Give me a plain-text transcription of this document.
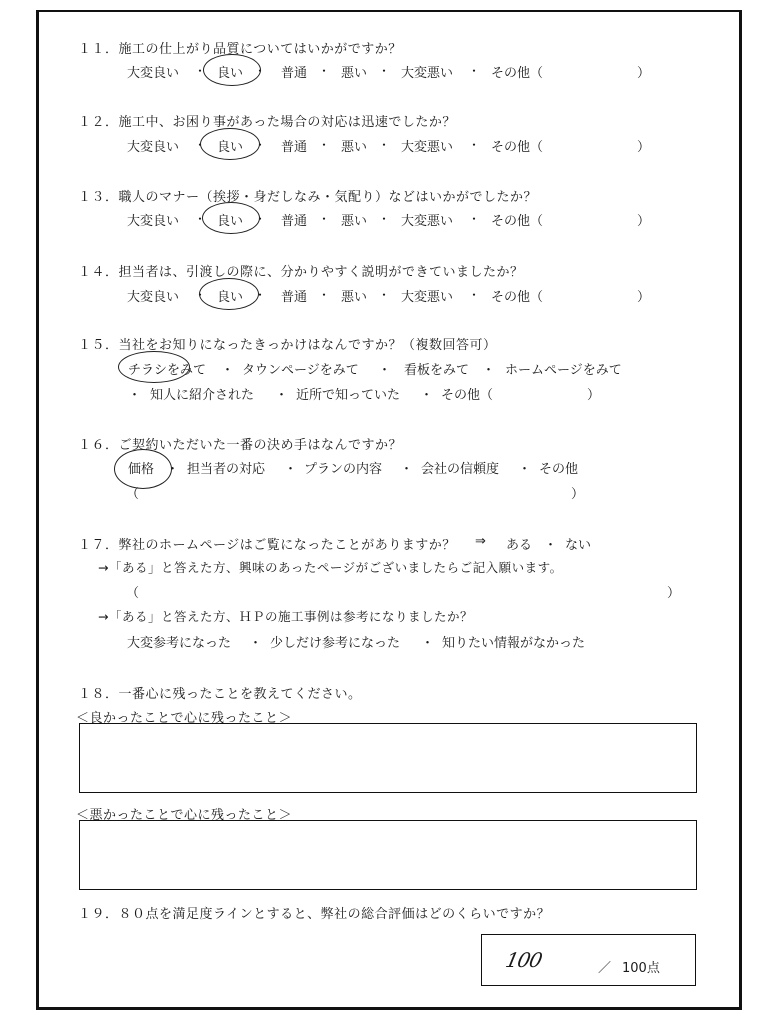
１１．施工の仕上がり品質についてはいかがですか？
大変良い ・ 良い ・ 普通 ・ 悪い ・ 大変悪い ・ その他（	）
１２．施工中、お困り事があった場合の対応は迅速でしたか？
大変良い ・ 良い ・ 普通 ・ 悪い ・ 大変悪い ・ その他（	）
１３．職人のマナー（挨拶・身だしなみ・気配り）などはいかがでしたか？
大変良い ・ 良い ・ 普通 ・ 悪い ・ 大変悪い ・ その他（	）
１４．担当者は、引渡しの際に、分かりやすく説明ができていましたか？
大変良い ・ 良い ・ 普通 ・ 悪い ・ 大変悪い ・ その他（	）
１５．当社をお知りになったきっかけはなんですか？（複数回答可）
チラシをみて ・ タウンページをみて ・ 看板をみて ・ ホームページをみて
・ 知人に紹介された ・ 近所で知っていた ・ その他（	）
１６．ご契約いただいた一番の決め手はなんですか？
価格 ・ 担当者の対応 ・ プランの内容 ・ 会社の信頼度 ・ その他
（	）
１７．弊社のホームページはご覧になったことがありますか？ ⇒ ある ・ ない
→「ある」と答えた方、興味のあったページがございましたらご記入願います。
（	）
→「ある」と答えた方、ＨＰの施工事例は参考になりましたか？
大変参考になった ・ 少しだけ参考になった ・ 知りたい情報がなかった
１８．一番心に残ったことを教えてください。
＜良かったことで心に残ったこと＞
＜悪かったことで心に残ったこと＞
１９．８０点を満足度ラインとすると、弊社の総合評価はどのくらいですか？
100	／ 100点
